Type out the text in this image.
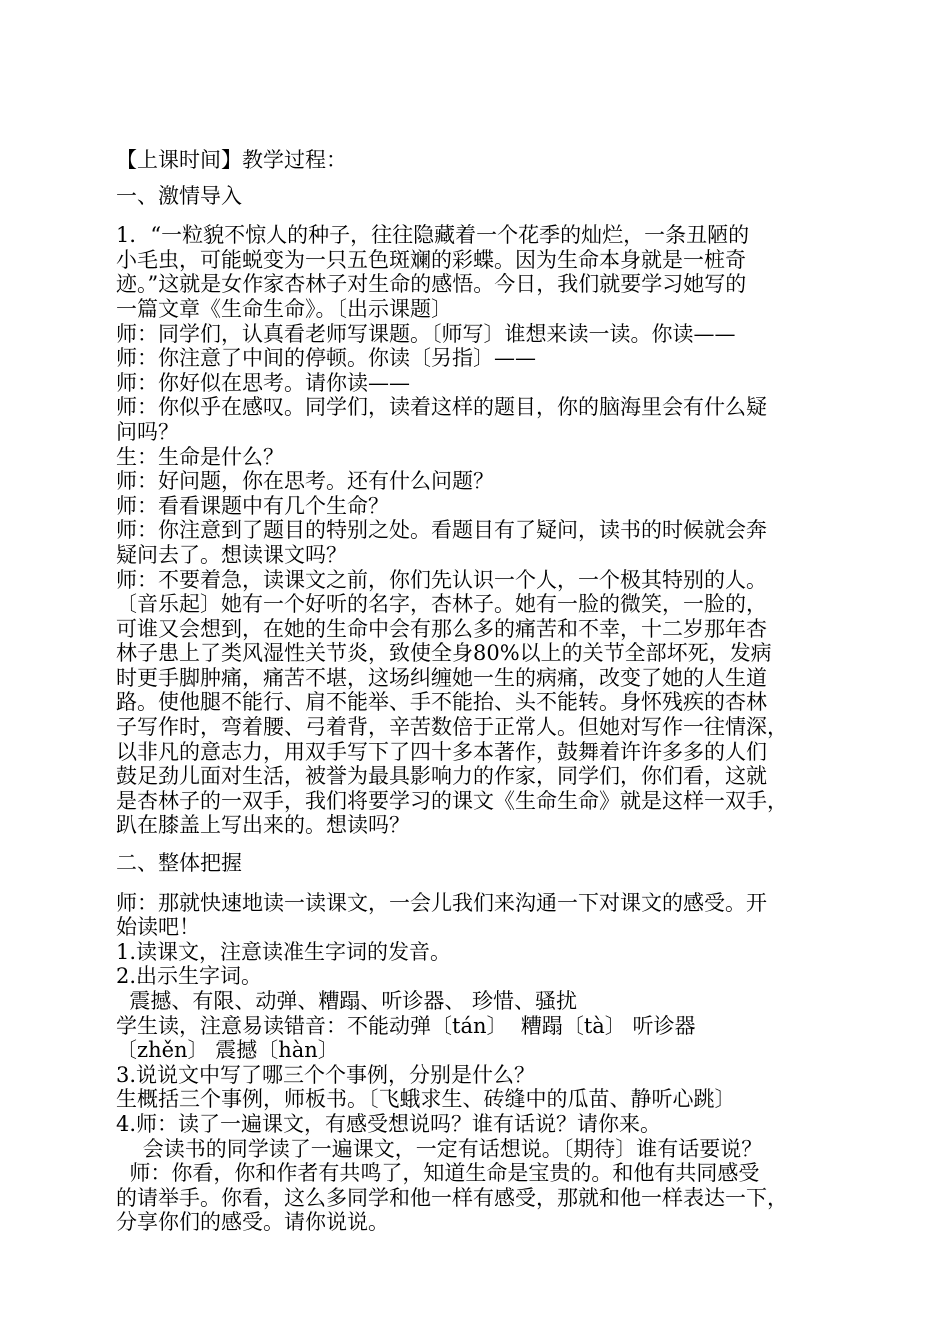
【上课时间】教学过程：
一、激情导入
1．“一粒貌不惊人的种子，往往隐藏着一个花季的灿烂，一条丑陋的
小毛虫，可能蜕变为一只五色斑斓的彩蝶。因为生命本身就是一桩奇
迹。”这就是女作家杏林子对生命的感悟。今日，我们就要学习她写的
一篇文章《生命生命》。〔出示课题〕
师：同学们，认真看老师写课题。〔师写〕谁想来读一读。你读——
师：你注意了中间的停顿。你读〔另指〕——
师：你好似在思考。请你读——
师：你似乎在感叹。同学们，读着这样的题目，你的脑海里会有什么疑
问吗？
生：生命是什么？
师：好问题，你在思考。还有什么问题？
师：看看课题中有几个生命？
师：你注意到了题目的特别之处。看题目有了疑问，读书的时候就会奔
疑问去了。想读课文吗？
师：不要着急，读课文之前，你们先认识一个人，一个极其特别的人。
〔音乐起〕她有一个好听的名字，杏林子。她有一脸的微笑，一脸的，
可谁又会想到，在她的生命中会有那么多的痛苦和不幸，十二岁那年杏
林子患上了类风湿性关节炎，致使全身80%以上的关节全部坏死，发病
时更手脚肿痛，痛苦不堪，这场纠缠她一生的病痛，改变了她的人生道
路。使他腿不能行、肩不能举、手不能抬、头不能转。身怀残疾的杏林
子写作时，弯着腰、弓着背，辛苦数倍于正常人。但她对写作一往情深，
以非凡的意志力，用双手写下了四十多本著作，鼓舞着许许多多的人们
鼓足劲儿面对生活，被誉为最具影响力的作家，同学们，你们看，这就
是杏林子的一双手，我们将要学习的课文《生命生命》就是这样一双手，
趴在膝盖上写出来的。想读吗？
二、整体把握
师：那就快速地读一读课文，一会儿我们来沟通一下对课文的感受。开
始读吧！
1.读课文，注意读准生字词的发音。
2.出示生字词。
震撼、有限、动弹、糟蹋、听诊器、 珍惜、骚扰
学生读，注意易读错音：不能动弹〔tán〕  糟蹋〔tà〕 听诊器
〔zhěn〕 震撼〔hàn〕
3.说说文中写了哪三个个事例，分别是什么？
生概括三个事例，师板书。〔飞蛾求生、砖缝中的瓜苗、静听心跳〕
4.师：读了一遍课文，有感受想说吗？谁有话说？请你来。
会读书的同学读了一遍课文，一定有话想说。〔期待〕谁有话要说？
师：你看，你和作者有共鸣了，知道生命是宝贵的。和他有共同感受
的请举手。你看，这么多同学和他一样有感受，那就和他一样表达一下，
分享你们的感受。请你说说。
